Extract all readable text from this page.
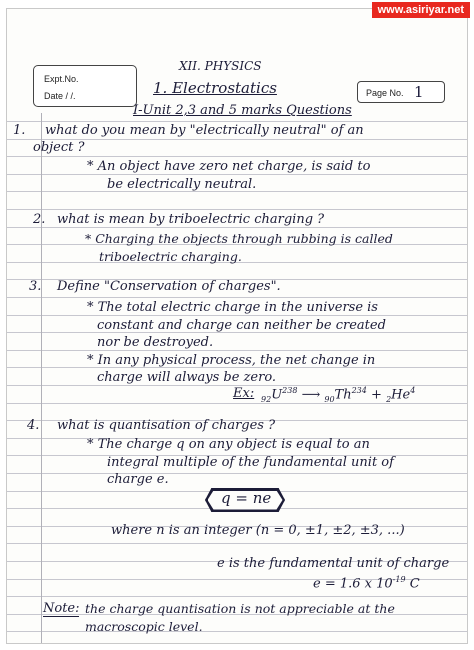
www.asiriyar.net
Expt.No.
Date / /.	Page No. 1
XII. PHYSICS
1. Electrostatics
I-Unit 2,3 and 5 marks Questions
1. what do you mean by "electrically neutral" of an
object ?
* An object have zero net charge, is said to
be electrically neutral.
2. what is mean by triboelectric charging ?
* Charging the objects through rubbing is called
triboelectric charging.
3. Define "Conservation of charges".
* The total electric charge in the universe is
constant and charge can neither be created
nor be destroyed.
* In any physical process, the net change in
charge will always be zero.
Ex: $_{92}U^{238}$ ⟶ $_{90}Th^{234} + _2He^4$
4. what is quantisation of charges ?
* The charge q on any object is equal to an
integral multiple of the fundamental unit of
charge e.
q = ne
where n is an integer (n = 0, ±1, ±2, ±3, ...)
e is the fundamental unit of charge
e = 1.6 x $10^{-19}$ C
Note: the charge quantisation is not appreciable at the
macroscopic level.
